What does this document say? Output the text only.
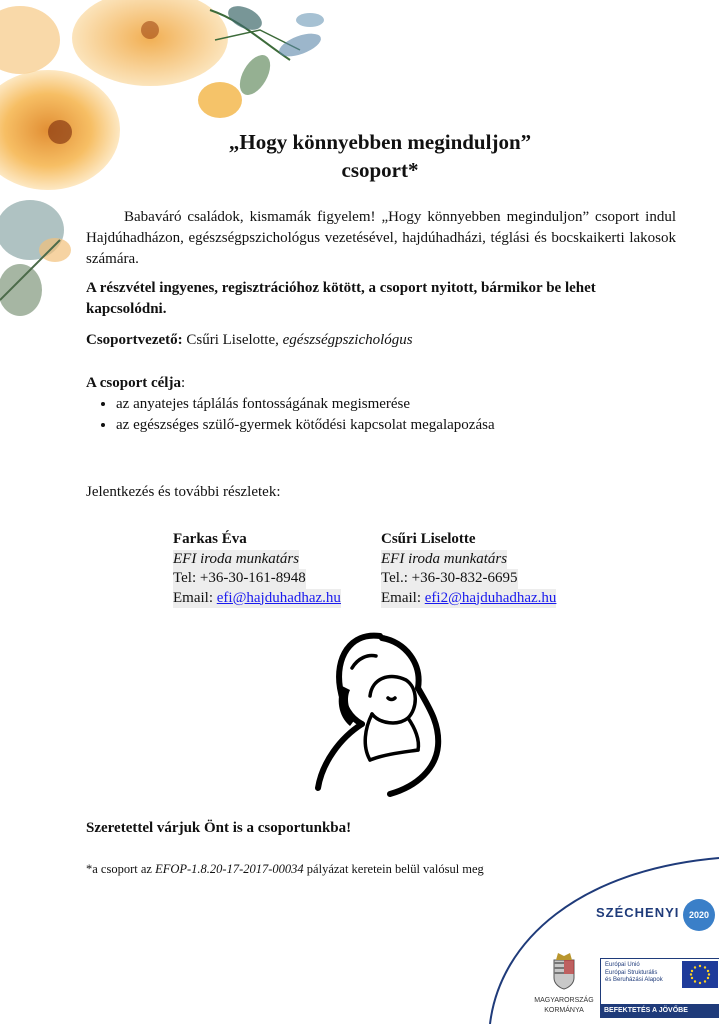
„Hogy könnyebben meginduljon”
csoport*
Babaváró családok, kismamák figyelem! „Hogy könnyebben meginduljon” csoport indul Hajdúhadházon, egészségpszichológus vezetésével, hajdúhadházi, téglási és bocskaikerti lakosok számára.
A részvétel ingyenes, regisztrációhoz kötött, a csoport nyitott, bármikor be lehet kapcsolódni.
Csoportvezető: Csűri Liselotte, egészségpszichológus
A csoport célja:
• az anyatejes táplálás fontosságának megismerése
• az egészséges szülő-gyermek kötődési kapcsolat megalapozása
Jelentkezés és további részletek:
Farkas Éva
EFI iroda munkatárs
Tel: +36-30-161-8948
Email: efi@hajduhadhaz.hu
Csűri Liselotte
EFI iroda munkatárs
Tel.: +36-30-832-6695
Email: efi2@hajduhadhaz.hu
Szeretettel várjuk Önt is a csoportunkba!
*a csoport az EFOP-1.8.20-17-2017-00034 pályázat keretein belül valósul meg
SZÉCHENYI	2020
MAGYARORSZÁG
KORMÁNYA
Európai Unió
Európai Strukturális
és Beruházási Alapok
BEFEKTETÉS A JÖVŐBE
